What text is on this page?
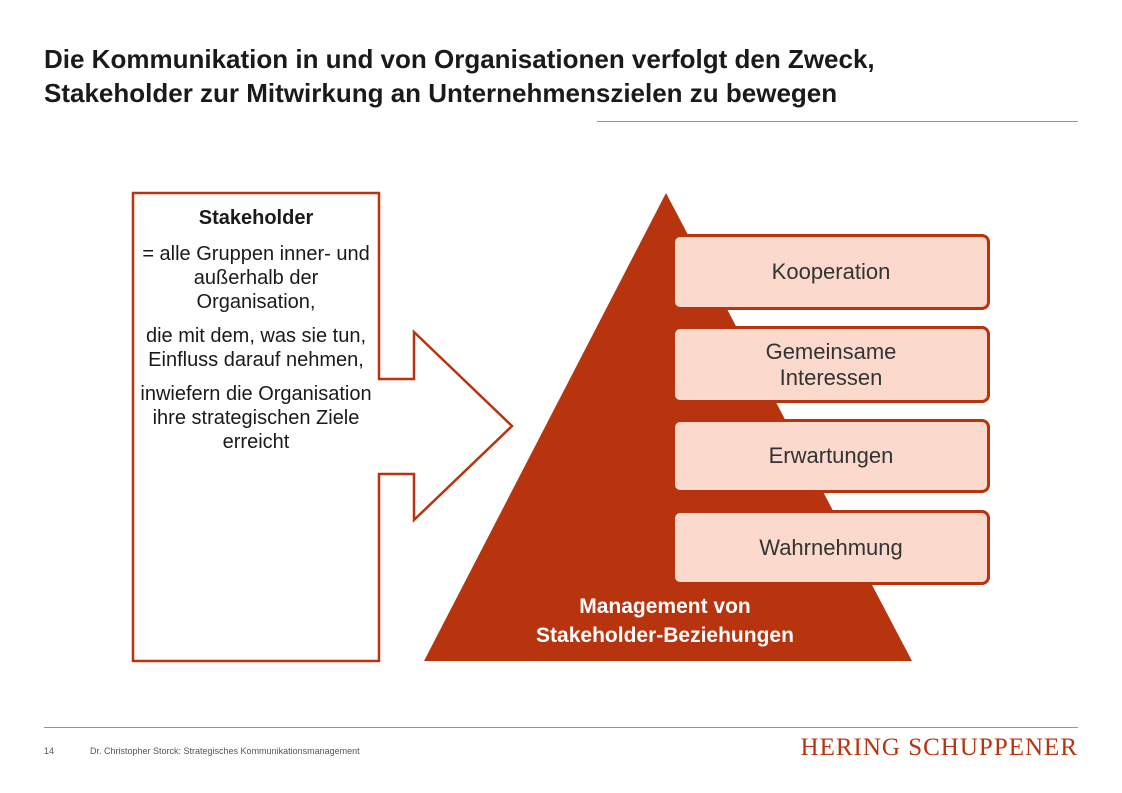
Die Kommunikation in und von Organisationen verfolgt den Zweck,
Stakeholder zur Mitwirkung an Unternehmenszielen zu bewegen
Stakeholder
= alle Gruppen inner- und außerhalb der Organisation,
die mit dem, was sie tun, Einfluss darauf nehmen,
inwiefern die Organisation ihre strategischen Ziele erreicht
Kooperation
Gemeinsame Interessen
Erwartungen
Wahrnehmung
Management von
Stakeholder-Beziehungen
14	Dr. Christopher Storck: Strategisches Kommunikationsmanagement	HERING SCHUPPENER
